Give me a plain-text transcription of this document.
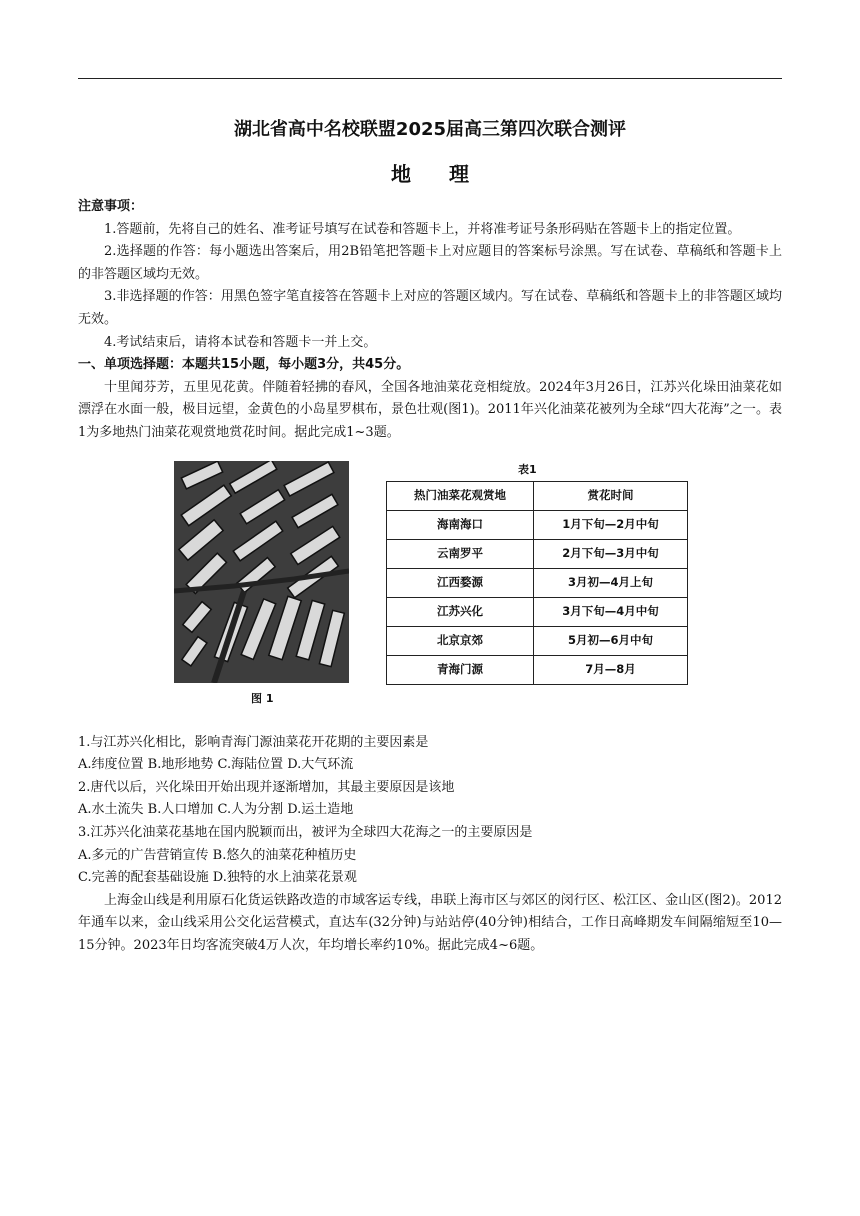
湖北省高中名校联盟2025届高三第四次联合测评
地理

注意事项：

1.答题前，先将自己的姓名、准考证号填写在试卷和答题卡上，并将准考证号条形码贴在答题卡上的指定位置。

2.选择题的作答：每小题选出答案后，用2B铅笔把答题卡上对应题目的答案标号涂黑。写在试卷、草稿纸和答题卡上的非答题区域均无效。

3.非选择题的作答：用黑色签字笔直接答在答题卡上对应的答题区域内。写在试卷、草稿纸和答题卡上的非答题区域均无效。

4.考试结束后，请将本试卷和答题卡一并上交。

一、单项选择题：本题共15小题，每小题3分，共45分。

十里闻芬芳，五里见花黄。伴随着轻拂的春风，全国各地油菜花竞相绽放。2024年3月26日，江苏兴化垛田油菜花如漂浮在水面一般，极目远望，金黄色的小岛星罗棋布，景色壮观(图1)。2011年兴化油菜花被列为全球“四大花海”之一。表1为多地热门油菜花观赏地赏花时间。据此完成1~3题。

图 1
表1
热门油菜花观赏地	赏花时间
海南海口	1月下旬—2月中旬
云南罗平	2月下旬—3月中旬
江西婺源	3月初—4月上旬
江苏兴化	3月下旬—4月中旬
北京京郊	5月初—6月中旬
青海门源	7月—8月

1.与江苏兴化相比，影响青海门源油菜花开花期的主要因素是

A.纬度位置 B.地形地势 C.海陆位置 D.大气环流

2.唐代以后，兴化垛田开始出现并逐渐增加，其最主要原因是该地

A.水土流失 B.人口增加 C.人为分割 D.运土造地

3.江苏兴化油菜花基地在国内脱颖而出，被评为全球四大花海之一的主要原因是

A.多元的广告营销宣传 B.悠久的油菜花种植历史

C.完善的配套基础设施 D.独特的水上油菜花景观

上海金山线是利用原石化货运铁路改造的市域客运专线，串联上海市区与郊区的闵行区、松江区、金山区(图2)。2012年通车以来，金山线采用公交化运营模式，直达车(32分钟)与站站停(40分钟)相结合，工作日高峰期发车间隔缩短至10—15分钟。2023年日均客流突破4万人次，年均增长率约10%。据此完成4~6题。
